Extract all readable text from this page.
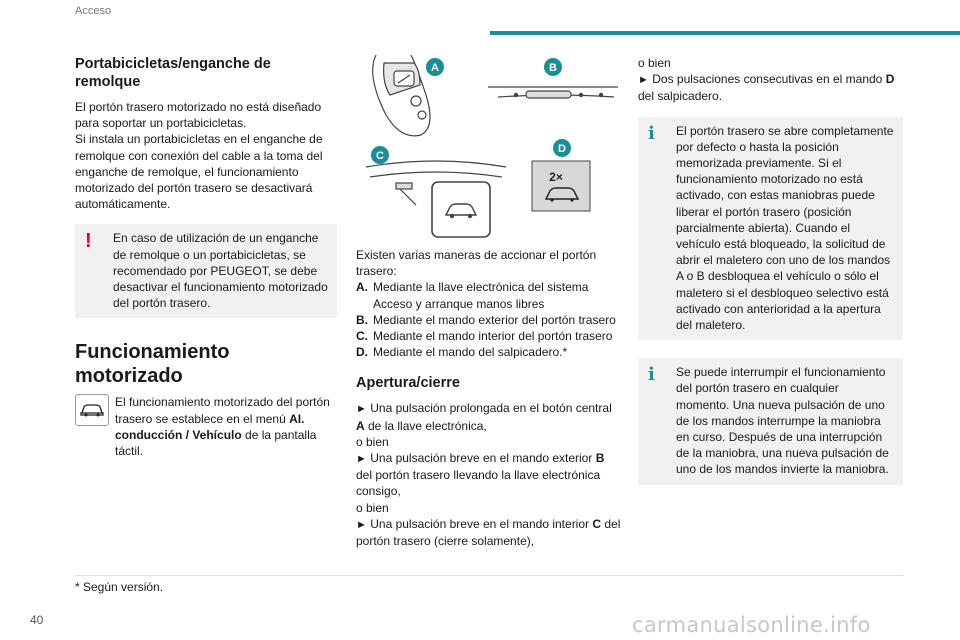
Acceso
Portabicicletas/enganche de remolque

El portón trasero motorizado no está diseñado para soportar un portabicicletas.

Si instala un portabicicletas en el enganche de remolque con conexión del cable a la toma del enganche de remolque, el funcionamiento motorizado del portón trasero se desactivará automáticamente.

!	En caso de utilización de un enganche de remolque o un portabicicletas, se recomendado por PEUGEOT, se debe desactivar el funcionamiento motorizado del portón trasero.
Funcionamiento motorizado
El funcionamiento motorizado del portón trasero se establece en el menú AI. conducción / Vehículo de la pantalla táctil.
A	B
C
2×
D

Existen varias maneras de accionar el portón trasero:

A. Mediante la llave electrónica del sistema Acceso y arranque manos libres
B. Mediante el mando exterior del portón trasero
C. Mediante el mando interior del portón trasero
D. Mediante el mando del salpicadero.*
Apertura/cierre

► Una pulsación prolongada en el botón central A de la llave electrónica,

o bien

► Una pulsación breve en el mando exterior B del portón trasero llevando la llave electrónica consigo,

o bien

► Una pulsación breve en el mando interior C del portón trasero (cierre solamente),

o bien

► Dos pulsaciones consecutivas en el mando D del salpicadero.

i	El portón trasero se abre completamente por defecto o hasta la posición memorizada previamente. Si el funcionamiento motorizado no está activado, con estas maniobras puede liberar el portón trasero (posición parcialmente abierta). Cuando el vehículo está bloqueado, la solicitud de abrir el maletero con uno de los mandos A o B desbloquea el vehículo o sólo el maletero si el desbloqueo selectivo está activado con anterioridad a la apertura del maletero.
i	Se puede interrumpir el funcionamiento del portón trasero en cualquier momento. Una nueva pulsación de uno de los mandos interrumpe la maniobra en curso. Después de una interrupción de la maniobra, una nueva pulsación de uno de los mandos invierte la maniobra.
* Según versión.
40	carmanualsonline.info
